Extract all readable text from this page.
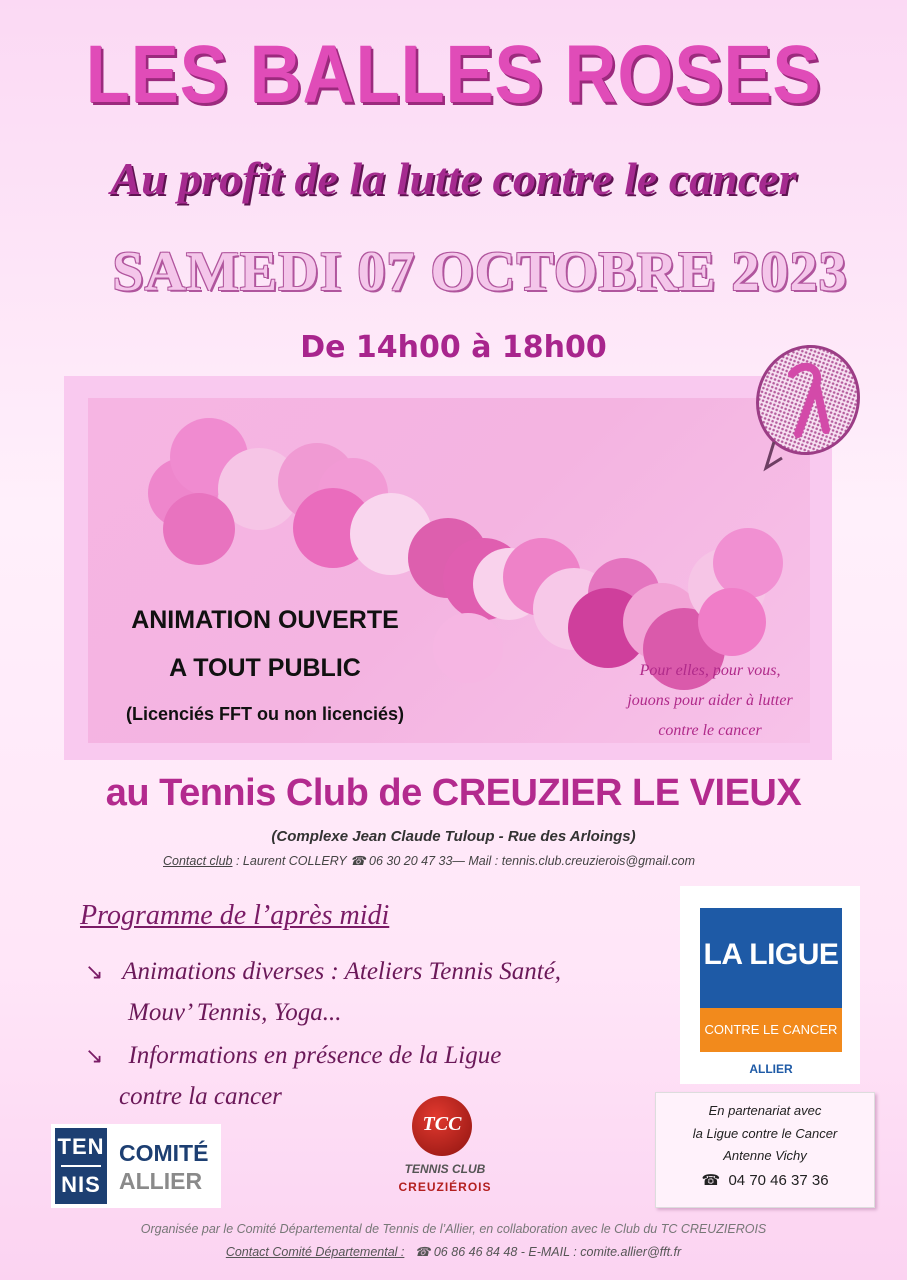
LES BALLES ROSES
Au profit de la lutte contre le cancer
SAMEDI 07 OCTOBRE 2023
De 14h00 à 18h00
ANIMATION OUVERTE
A TOUT PUBLIC
(Licenciés FFT ou non licenciés)
Pour elles, pour vous,
jouons pour aider à lutter
contre le cancer
au Tennis Club de CREUZIER LE VIEUX
(Complexe Jean Claude Tuloup - Rue des Arloings)
Contact club : Laurent COLLERY ☎ 06 30 20 47 33— Mail : tennis.club.creuzierois@gmail.com
Programme de l’après midi
↘ Animations diverses : Ateliers Tennis Santé,
Mouv’ Tennis, Yoga...
↘ Informations en présence de la Ligue
contre la cancer
LA LIGUE
CONTRE LE CANCER
ALLIER
En partenariat avec
la Ligue contre le Cancer
Antenne Vichy
☎ 04 70 46 37 36
TEN
NIS
COMITÉ
ALLIER
TCC
TENNIS CLUB
CREUZIÉROIS
Organisée par le Comité Départemental de Tennis de l’Allier, en collaboration avec le Club du TC CREUZIEROIS
Contact Comité Départemental : ☎ 06 86 46 84 48 - E-MAIL : comite.allier@fft.fr
